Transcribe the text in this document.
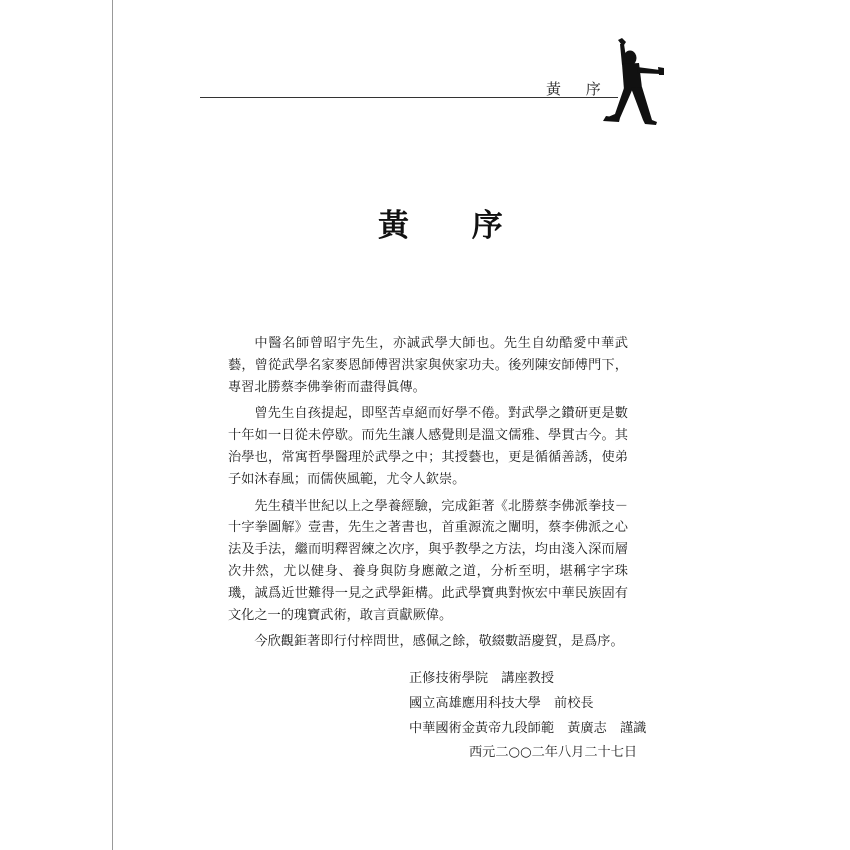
黃 序
黃 序

中醫名師曾昭宇先生，亦誠武學大師也。先生自幼酷愛中華武藝，曾從武學名家麥恩師傅習洪家與俠家功夫。後列陳安師傅門下，專習北勝蔡李佛拳術而盡得眞傳。

曾先生自孩提起，即堅苦卓絕而好學不倦。對武學之鑽研更是數十年如一日從未停歇。而先生讓人感覺則是溫文儒雅、學貫古今。其治學也，常寓哲學醫理於武學之中；其授藝也，更是循循善誘，使弟子如沐春風；而儒俠風範，尤令人欽崇。

先生積半世紀以上之學養經驗，完成鉅著《北勝蔡李佛派拳技－十字拳圖解》壹書，先生之著書也，首重源流之闡明，蔡李佛派之心法及手法，繼而明釋習練之次序，與乎教學之方法，均由淺入深而層次井然，尤以健身、養身與防身應敵之道，分析至明，堪稱字字珠璣，誠爲近世難得一見之武學鉅構。此武學寶典對恢宏中華民族固有文化之一的瑰寶武術，敢言貢獻厥偉。

今欣觀鉅著即行付梓問世，感佩之餘，敬綴數語慶賀，是爲序。

正修技術學院　講座教授
國立高雄應用科技大學　前校長
中華國術金黃帝九段師範　黃廣志　謹識
西元二○○二年八月二十七日
